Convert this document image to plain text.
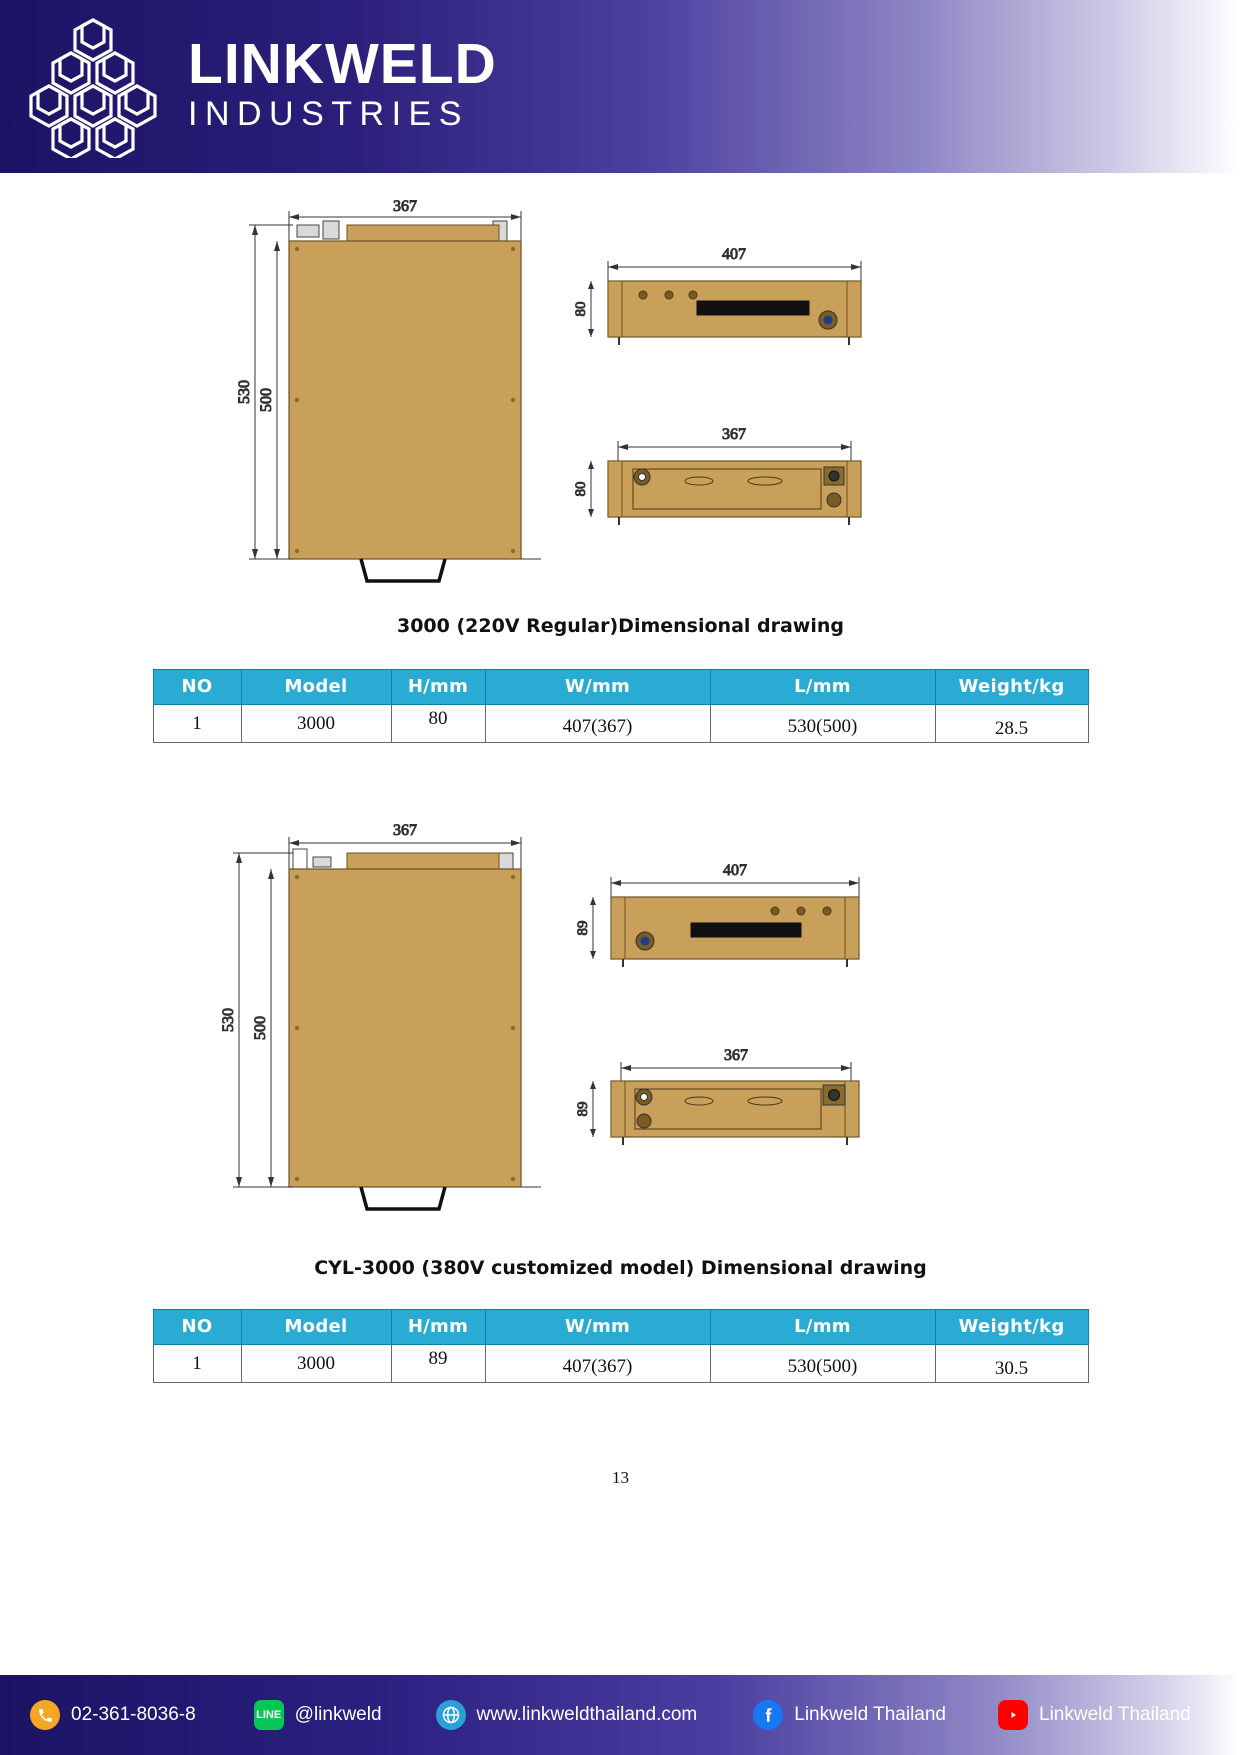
LINKWELD
INDUSTRIES
367
530 500
407
80
367
80
3000 (220V Regular)Dimensional drawing
NO	Model	H/mm	W/mm	L/mm	Weight/kg
1	3000	80	407(367)	530(500)	28.5
367
530 500
407
89
367
89
CYL-3000 (380V customized model) Dimensional drawing
NO	Model	H/mm	W/mm	L/mm	Weight/kg
1	3000	89	407(367)	530(500)	30.5
13
02-361-8036-8	LINE @linkweld	www.linkweldthailand.com	Linkweld Thailand	Linkweld Thailand
